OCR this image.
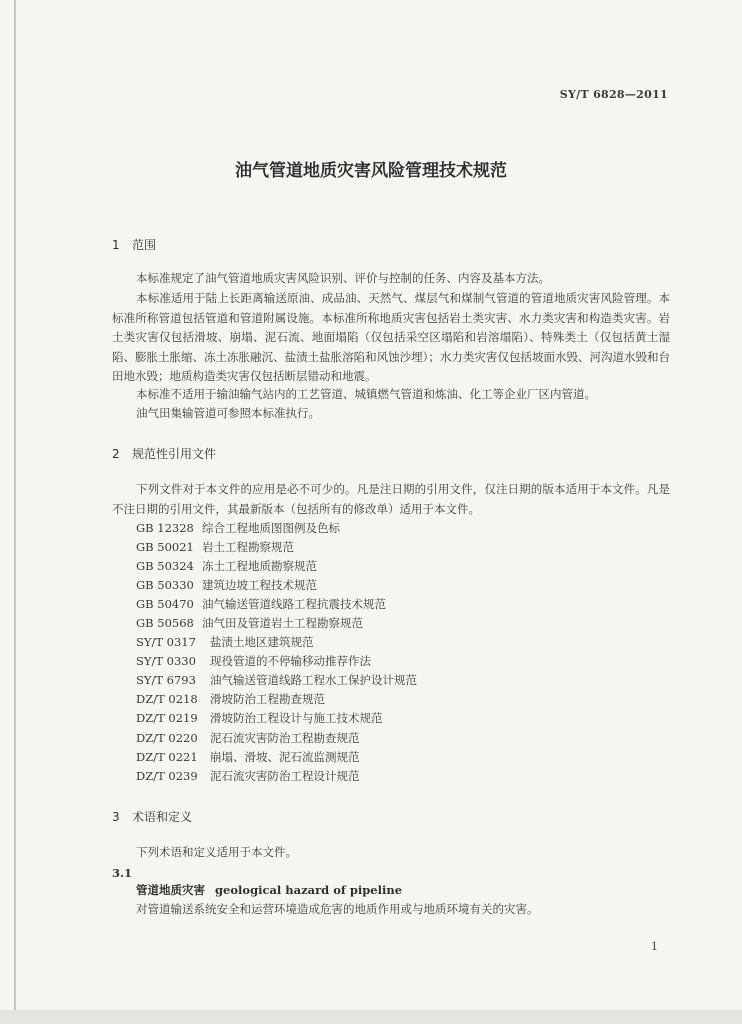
SY/T 6828—2011
油气管道地质灾害风险管理技术规范
1 范围
本标准规定了油气管道地质灾害风险识别、评价与控制的任务、内容及基本方法。
本标准适用于陆上长距离输送原油、成品油、天然气、煤层气和煤制气管道的管道地质灾害风险管理。本标准所称管道包括管道和管道附属设施。本标准所称地质灾害包括岩土类灾害、水力类灾害和构造类灾害。岩土类灾害仅包括滑坡、崩塌、泥石流、地面塌陷（仅包括采空区塌陷和岩溶塌陷）、特殊类土（仅包括黄土湿陷、膨胀土胀缩、冻土冻胀融沉、盐渍土盐胀溶陷和风蚀沙埋）；水力类灾害仅包括坡面水毁、河沟道水毁和台田地水毁；地质构造类灾害仅包括断层错动和地震。
本标准不适用于输油输气站内的工艺管道、城镇燃气管道和炼油、化工等企业厂区内管道。
油气田集输管道可参照本标准执行。
2 规范性引用文件
下列文件对于本文件的应用是必不可少的。凡是注日期的引用文件，仅注日期的版本适用于本文件。凡是不注日期的引用文件，其最新版本（包括所有的修改单）适用于本文件。
GB 12328 综合工程地质图图例及色标
GB 50021 岩土工程勘察规范
GB 50324 冻土工程地质勘察规范
GB 50330 建筑边坡工程技术规范
GB 50470 油气输送管道线路工程抗震技术规范
GB 50568 油气田及管道岩土工程勘察规范
SY/T 0317 盐渍土地区建筑规范
SY/T 0330 现役管道的不停输移动推荐作法
SY/T 6793 油气输送管道线路工程水工保护设计规范
DZ/T 0218 滑坡防治工程勘查规范
DZ/T 0219 滑坡防治工程设计与施工技术规范
DZ/T 0220 泥石流灾害防治工程勘查规范
DZ/T 0221 崩塌、滑坡、泥石流监测规范
DZ/T 0239 泥石流灾害防治工程设计规范
3 术语和定义
下列术语和定义适用于本文件。
3.1
管道地质灾害 geological hazard of pipeline
对管道输送系统安全和运营环境造成危害的地质作用或与地质环境有关的灾害。
1
